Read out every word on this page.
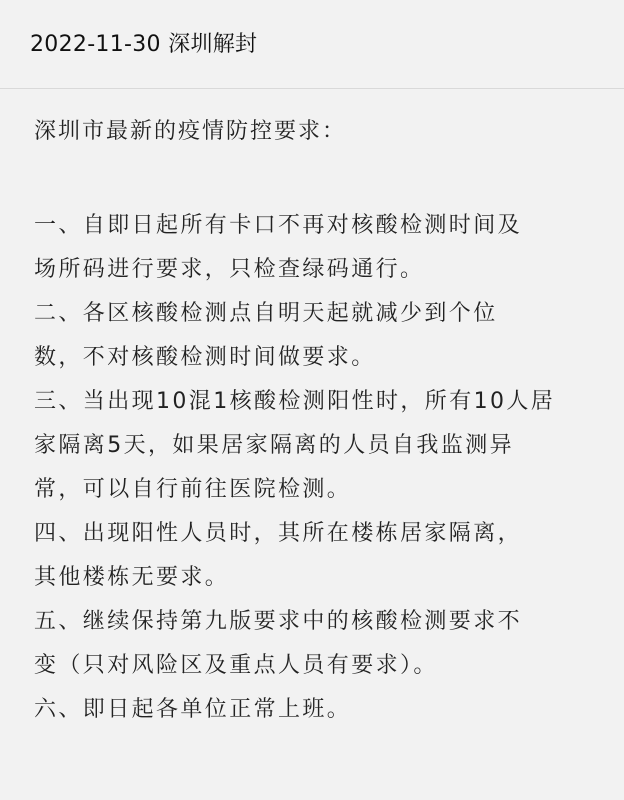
2022-11-30 深圳解封

深圳市最新的疫情防控要求：

一、自即日起所有卡口不再对核酸检测时间及
场所码进行要求，只检查绿码通行。

二、各区核酸检测点自明天起就减少到个位
数，不对核酸检测时间做要求。

三、当出现10混1核酸检测阳性时，所有10人居
家隔离5天，如果居家隔离的人员自我监测异
常，可以自行前往医院检测。

四、出现阳性人员时，其所在楼栋居家隔离，
其他楼栋无要求。

五、继续保持第九版要求中的核酸检测要求不
变（只对风险区及重点人员有要求）。

六、即日起各单位正常上班。
